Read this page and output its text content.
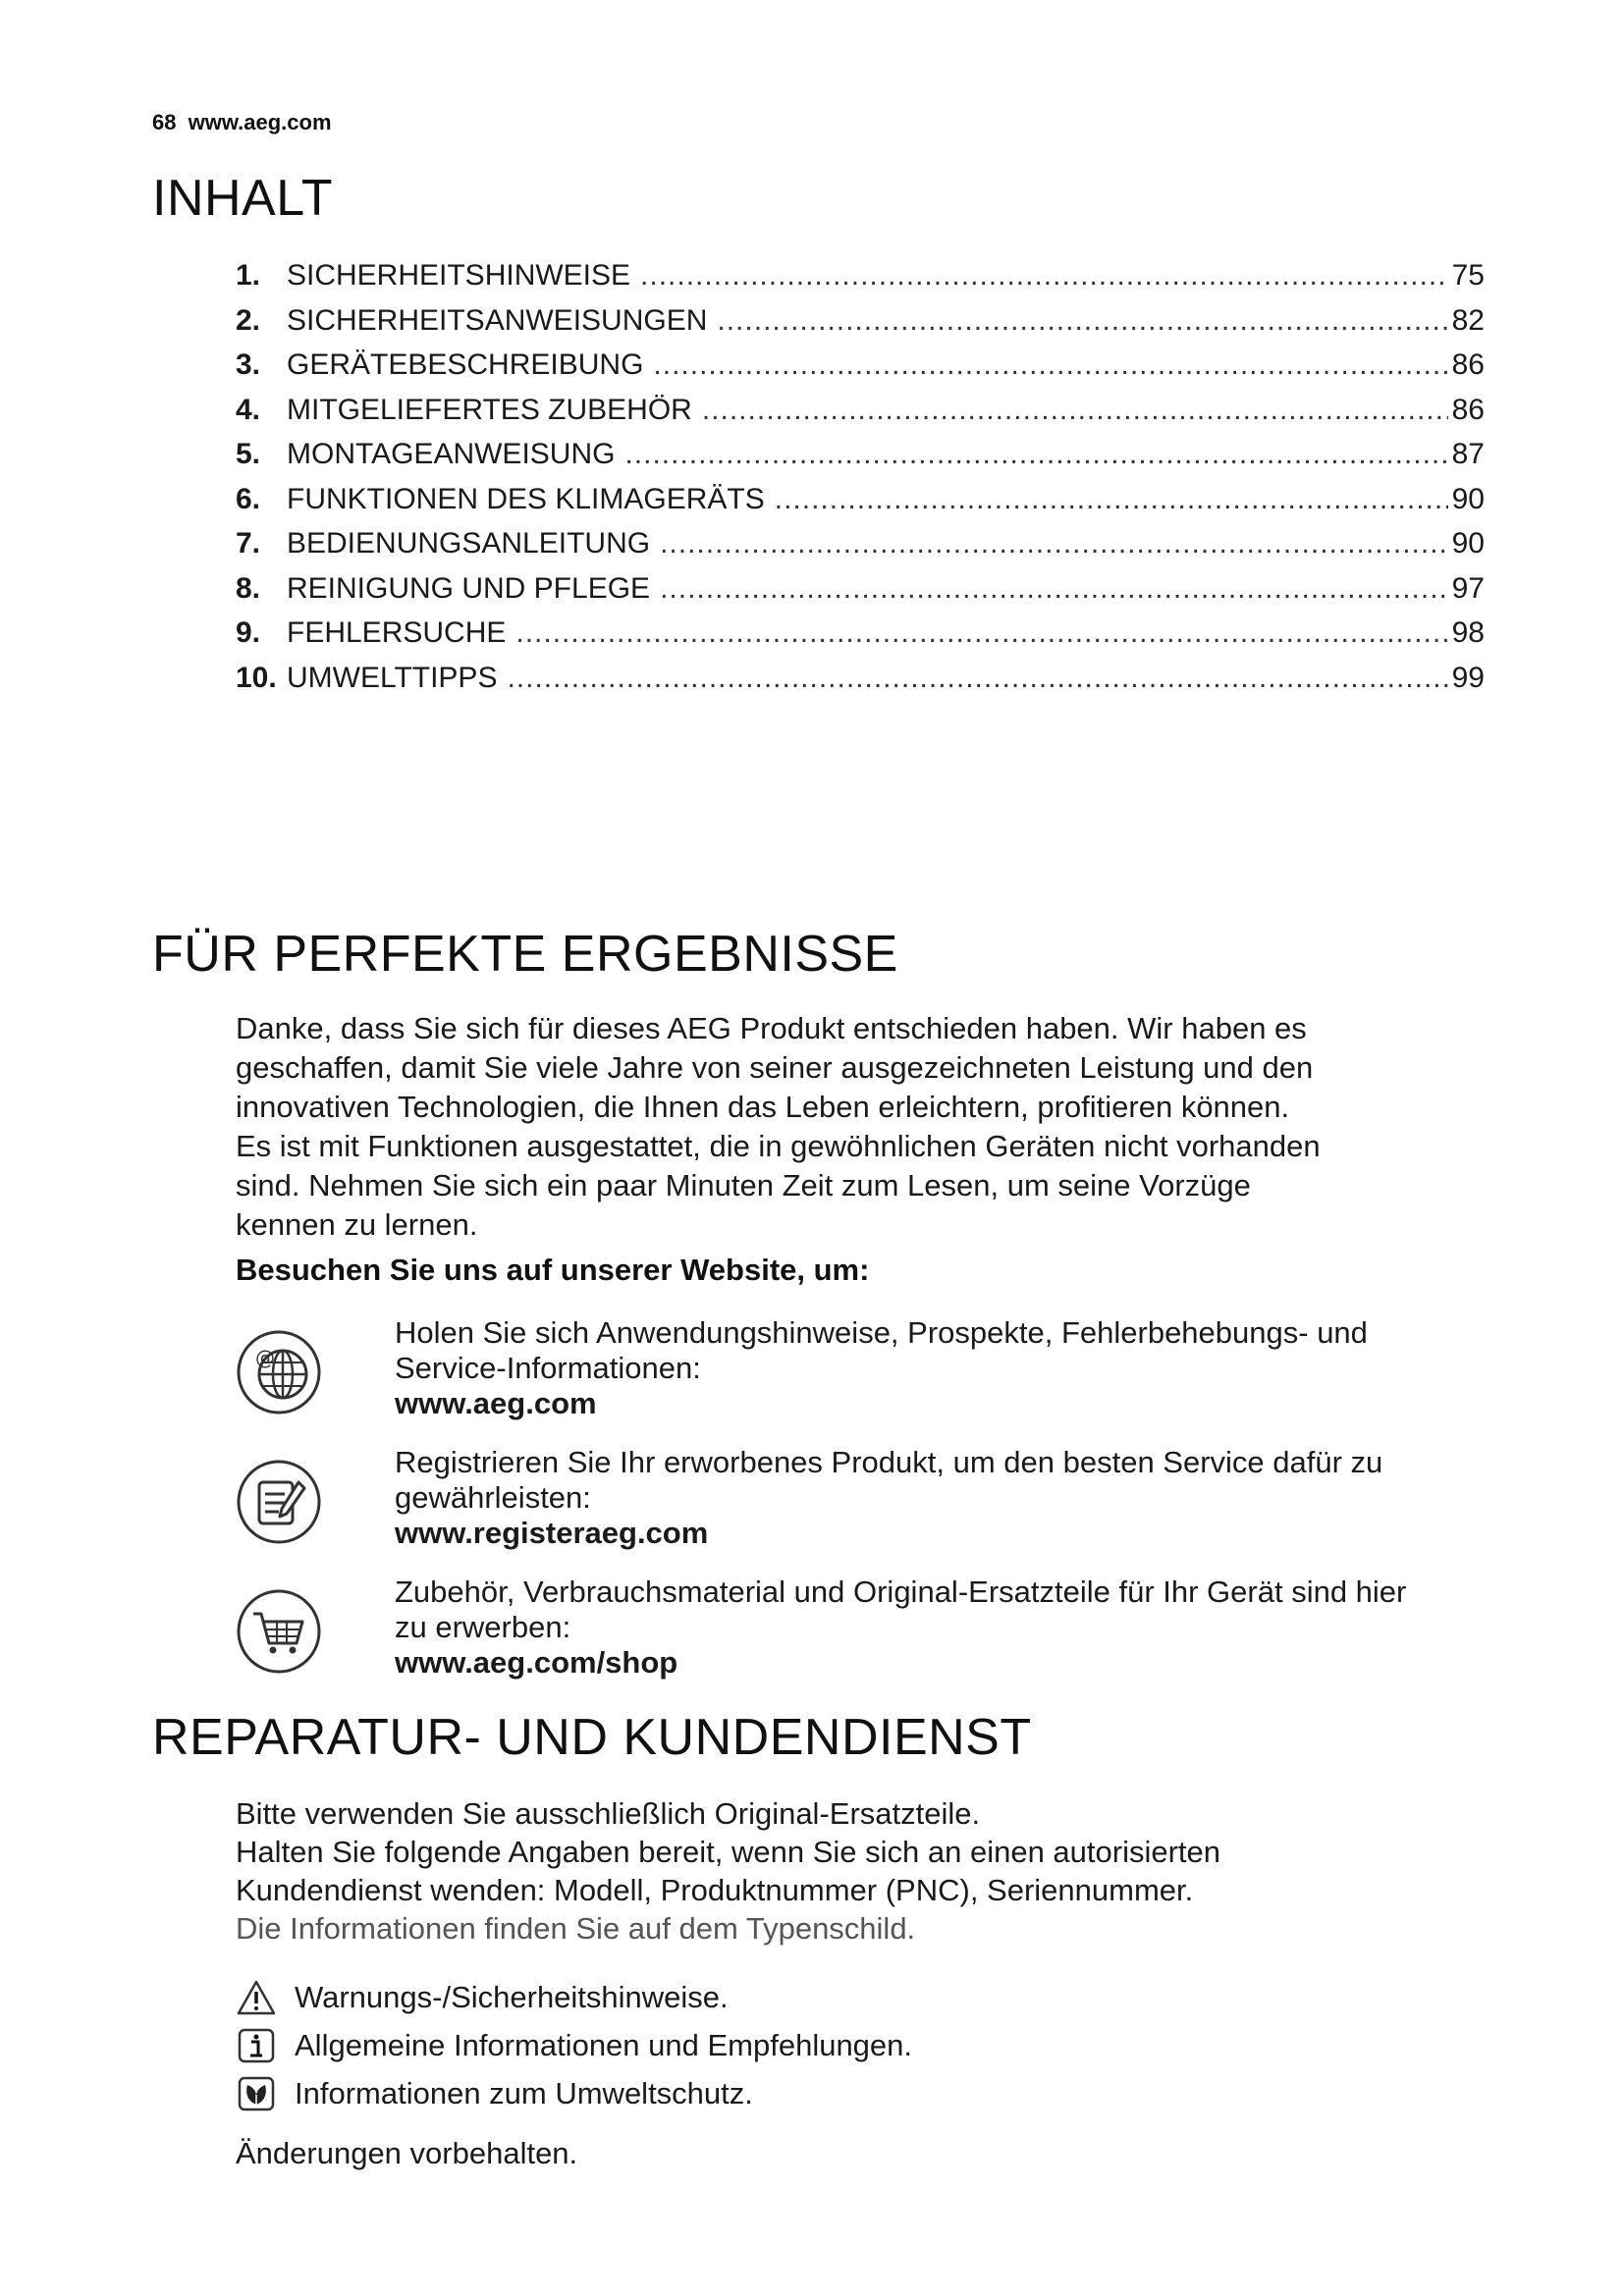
68 www.aeg.com
INHALT
1. SICHERHEITSHINWEISE .....	75
2. SICHERHEITSANWEISUNGEN .....	82
3. GERÄTEBESCHREIBUNG .....	86
4. MITGELIEFERTES ZUBEHÖR .....	86
5. MONTAGEANWEISUNG .....	87
6. FUNKTIONEN DES KLIMAGERÄTS .....	90
7. BEDIENUNGSANLEITUNG .....	90
8. REINIGUNG UND PFLEGE .....	97
9. FEHLERSUCHE .....	98
10. UMWELTTIPPS .....	99
FÜR PERFEKTE ERGEBNISSE

Danke, dass Sie sich für dieses AEG Produkt entschieden haben. Wir haben es

geschaffen, damit Sie viele Jahre von seiner ausgezeichneten Leistung und den

innovativen Technologien, die Ihnen das Leben erleichtern, profitieren können.

Es ist mit Funktionen ausgestattet, die in gewöhnlichen Geräten nicht vorhanden

sind. Nehmen Sie sich ein paar Minuten Zeit zum Lesen, um seine Vorzüge

kennen zu lernen.

Besuchen Sie uns auf unserer Website, um:
@
Holen Sie sich Anwendungshinweise, Prospekte, Fehlerbehebungs- und
Service-Informationen:
www.aeg.com
Registrieren Sie Ihr erworbenes Produkt, um den besten Service dafür zu
gewährleisten:
www.registeraeg.com
Zubehör, Verbrauchsmaterial und Original-Ersatzteile für Ihr Gerät sind hier
zu erwerben:
www.aeg.com/shop
REPARATUR- UND KUNDENDIENST

Bitte verwenden Sie ausschließlich Original-Ersatzteile.

Halten Sie folgende Angaben bereit, wenn Sie sich an einen autorisierten

Kundendienst wenden: Modell, Produktnummer (PNC), Seriennummer.

Die Informationen finden Sie auf dem Typenschild.

Warnungs-/Sicherheitshinweise.
Allgemeine Informationen und Empfehlungen.
Informationen zum Umweltschutz.
Änderungen vorbehalten.
